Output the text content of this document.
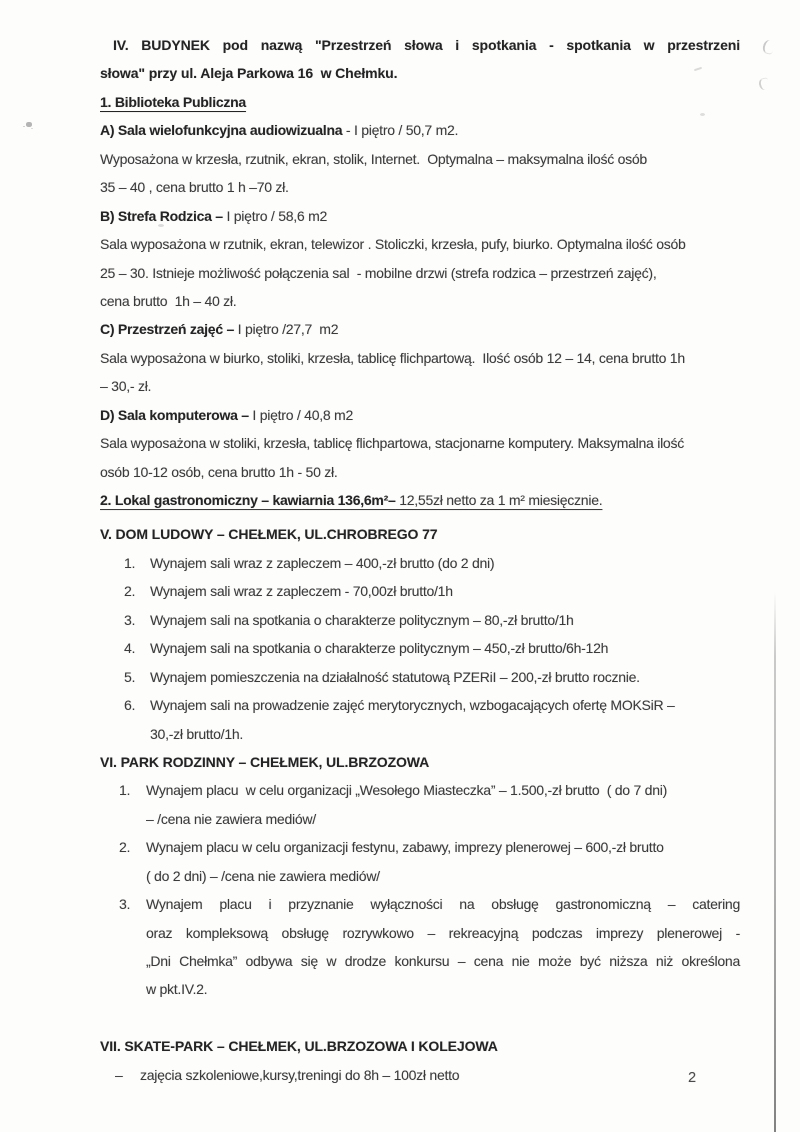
IV. BUDYNEK pod nazwą "Przestrzeń słowa i spotkania - spotkania w przestrzeni
słowa" przy ul. Aleja Parkowa 16  w Chełmku.
1. Biblioteka Publiczna
A) Sala wielofunkcyjna audiowizualna - I piętro / 50,7 m2.
Wyposażona w krzesła, rzutnik, ekran, stolik, Internet.  Optymalna – maksymalna ilość osób
35 – 40 , cena brutto 1 h –70 zł.
B) Strefa Rodzica – I piętro / 58,6 m2
Sala wyposażona w rzutnik, ekran, telewizor . Stoliczki, krzesła, pufy, biurko. Optymalna ilość osób
25 – 30. Istnieje możliwość połączenia sal  - mobilne drzwi (strefa rodzica – przestrzeń zajęć),
cena brutto  1h – 40 zł.
C) Przestrzeń zajęć – I piętro /27,7  m2
Sala wyposażona w biurko, stoliki, krzesła, tablicę flichpartową.  Ilość osób 12 – 14, cena brutto 1h
– 30,- zł.
D) Sala komputerowa – I piętro / 40,8 m2
Sala wyposażona w stoliki, krzesła, tablicę flichpartowa, stacjonarne komputery. Maksymalna ilość
osób 10-12 osób, cena brutto 1h - 50 zł.
2. Lokal gastronomiczny – kawiarnia 136,6m²– 12,55zł netto za 1 m² miesięcznie.
V. DOM LUDOWY – CHEŁMEK, UL.CHROBREGO 77
1. Wynajem sali wraz z zapleczem – 400,-zł brutto (do 2 dni)
2. Wynajem sali wraz z zapleczem - 70,00zł brutto/1h
3. Wynajem sali na spotkania o charakterze politycznym – 80,-zł brutto/1h
4. Wynajem sali na spotkania o charakterze politycznym – 450,-zł brutto/6h-12h
5. Wynajem pomieszczenia na działalność statutową PZERiI – 200,-zł brutto rocznie.
6. Wynajem sali na prowadzenie zajęć merytorycznych, wzbogacających ofertę MOKSiR –
30,-zł brutto/1h.
VI. PARK RODZINNY – CHEŁMEK, UL.BRZOZOWA
1. Wynajem placu  w celu organizacji „Wesołego Miasteczka” – 1.500,-zł brutto  ( do 7 dni)
– /cena nie zawiera mediów/
2. Wynajem placu w celu organizacji festynu, zabawy, imprezy plenerowej – 600,-zł brutto
( do 2 dni) – /cena nie zawiera mediów/
3. Wynajem placu i przyznanie wyłączności na obsługę gastronomiczną – catering
oraz kompleksową obsługę rozrywkowo – rekreacyjną podczas imprezy plenerowej -
„Dni Chełmka” odbywa się w drodze konkursu – cena nie może być niższa niż określona
w pkt.IV.2.
VII. SKATE-PARK – CHEŁMEK, UL.BRZOZOWA I KOLEJOWA
– zajęcia szkoleniowe,kursy,treningi do 8h – 100zł netto	2
